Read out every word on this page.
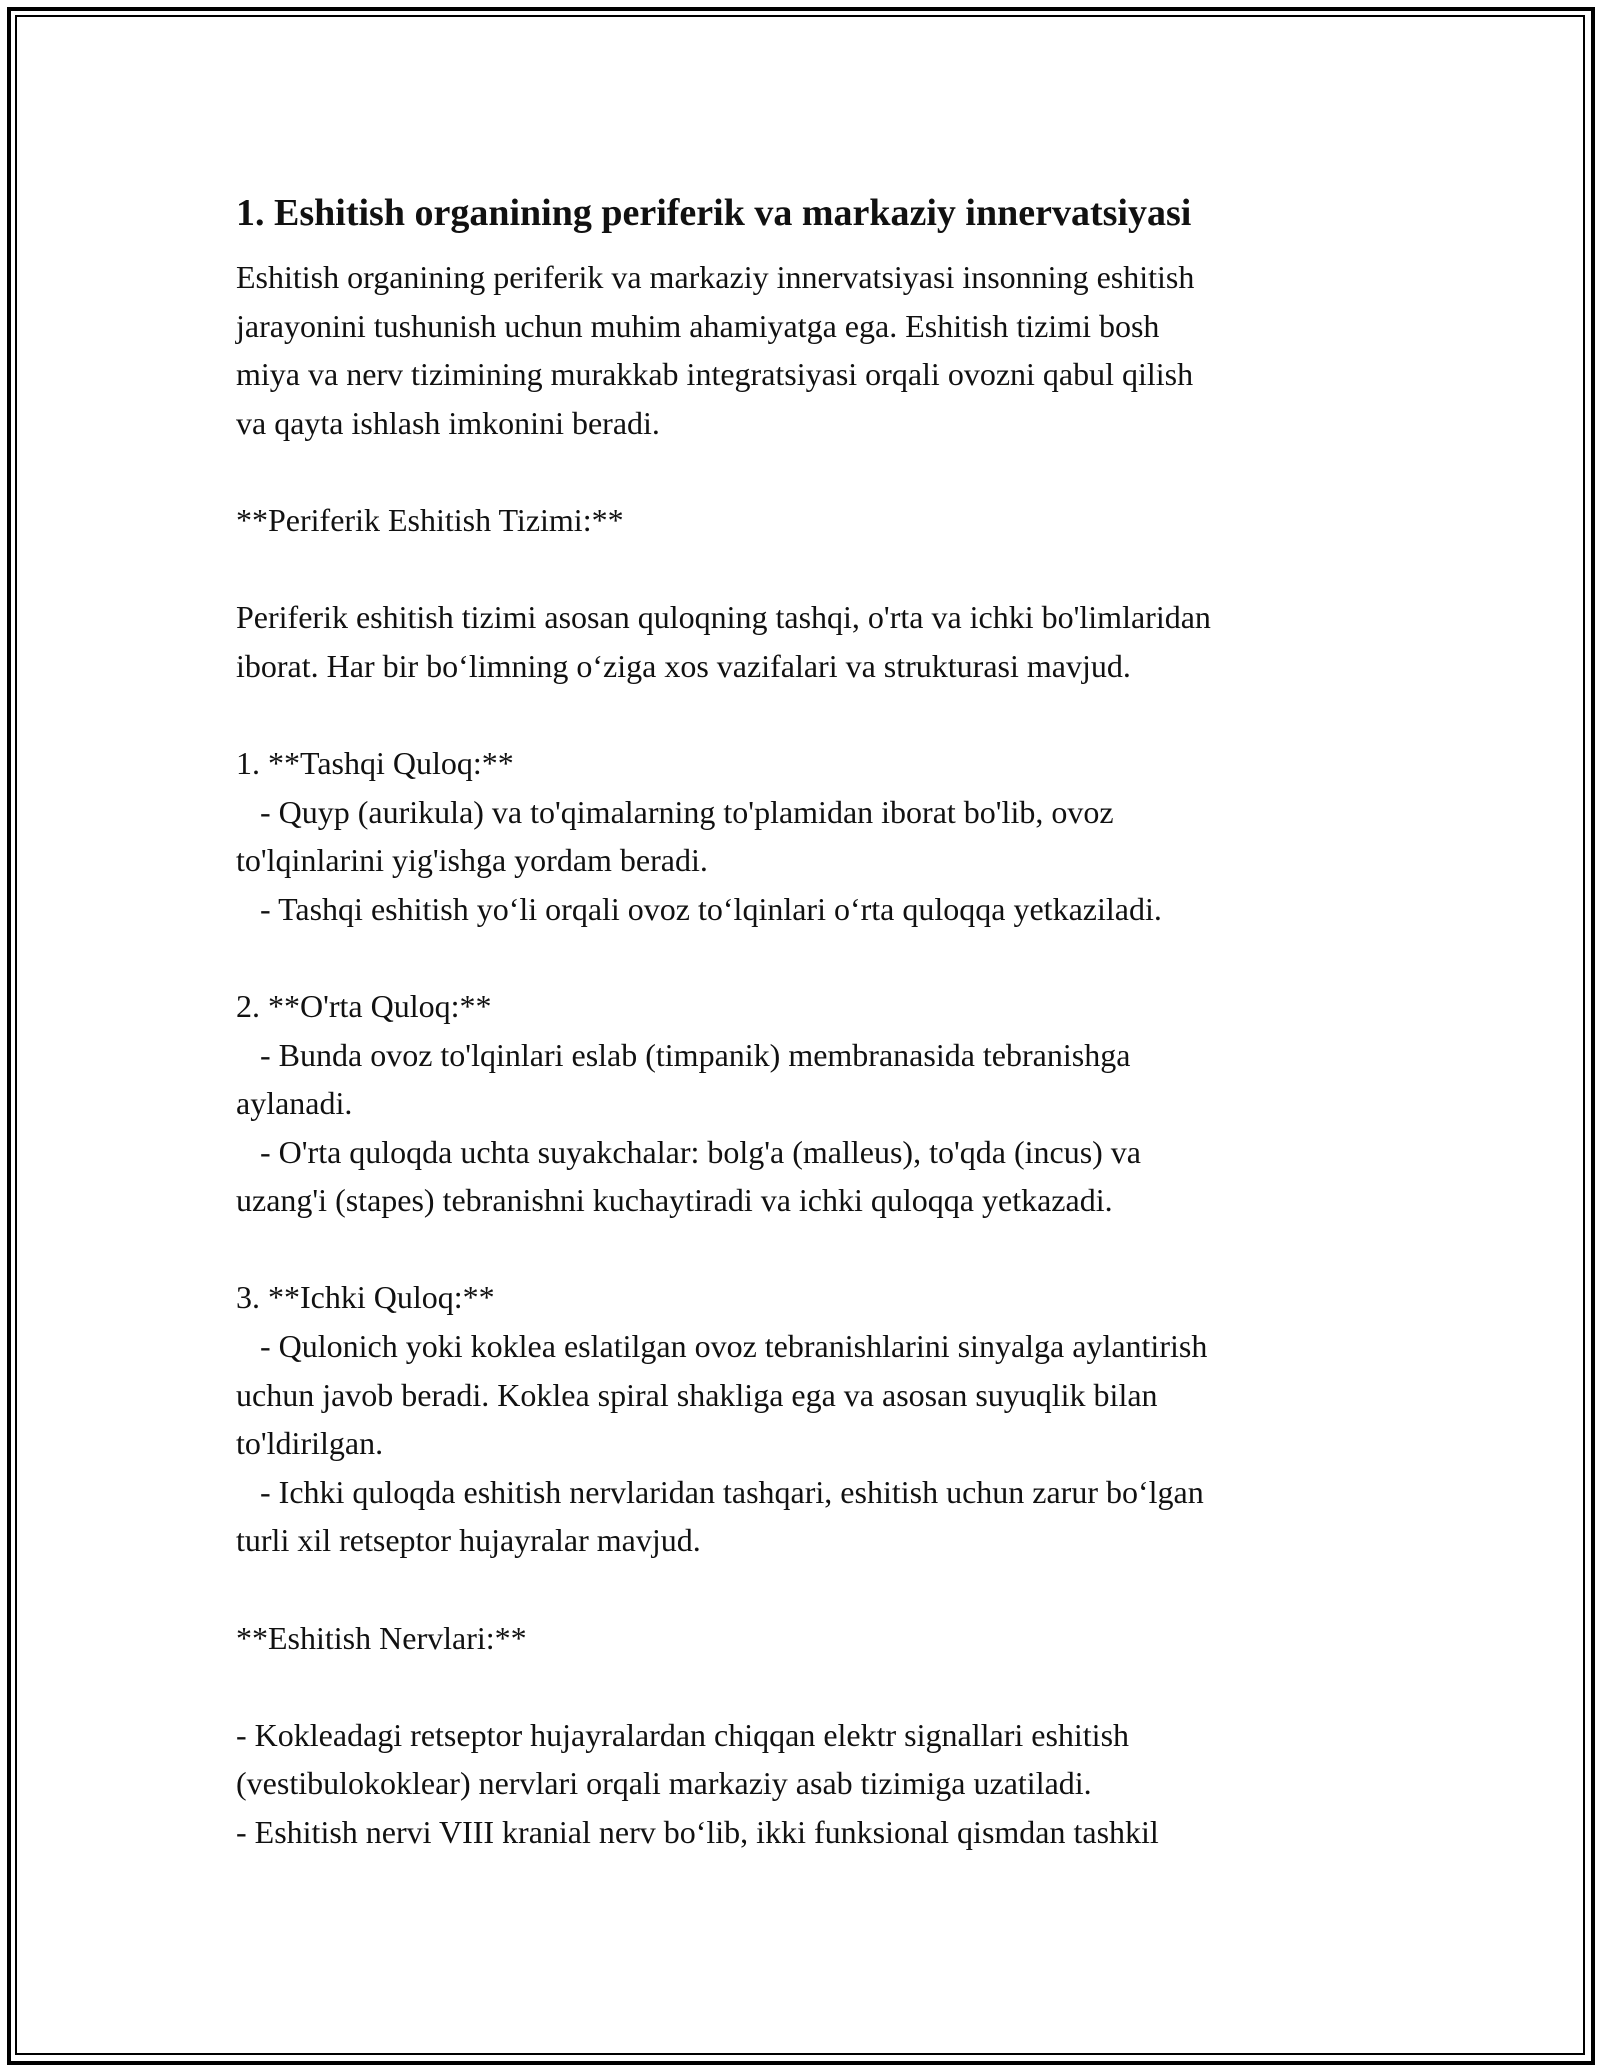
1. Eshitish organining periferik va markaziy innervatsiyasi
Eshitish organining periferik va markaziy innervatsiyasi insonning eshitish
jarayonini tushunish uchun muhim ahamiyatga ega. Eshitish tizimi bosh
miya va nerv tizimining murakkab integratsiyasi orqali ovozni qabul qilish
va qayta ishlash imkonini beradi.
**Periferik Eshitish Tizimi:**
Periferik eshitish tizimi asosan quloqning tashqi, o'rta va ichki bo'limlaridan
iborat. Har bir bo‘limning o‘ziga xos vazifalari va strukturasi mavjud.
1. **Tashqi Quloq:**
- Quyp (aurikula) va to'qimalarning to'plamidan iborat bo'lib, ovoz
to'lqinlarini yig'ishga yordam beradi.
- Tashqi eshitish yo‘li orqali ovoz to‘lqinlari o‘rta quloqqa yetkaziladi.
2. **O'rta Quloq:**
- Bunda ovoz to'lqinlari eslab (timpanik) membranasida tebranishga
aylanadi.
- O'rta quloqda uchta suyakchalar: bolg'a (malleus), to'qda (incus) va
uzang'i (stapes) tebranishni kuchaytiradi va ichki quloqqa yetkazadi.
3. **Ichki Quloq:**
- Qulonich yoki koklea eslatilgan ovoz tebranishlarini sinyalga aylantirish
uchun javob beradi. Koklea spiral shakliga ega va asosan suyuqlik bilan
to'ldirilgan.
- Ichki quloqda eshitish nervlaridan tashqari, eshitish uchun zarur bo‘lgan
turli xil retseptor hujayralar mavjud.
**Eshitish Nervlari:**
- Kokleadagi retseptor hujayralardan chiqqan elektr signallari eshitish
(vestibulokoklear) nervlari orqali markaziy asab tizimiga uzatiladi.
- Eshitish nervi VIII kranial nerv bo‘lib, ikki funksional qismdan tashkil
